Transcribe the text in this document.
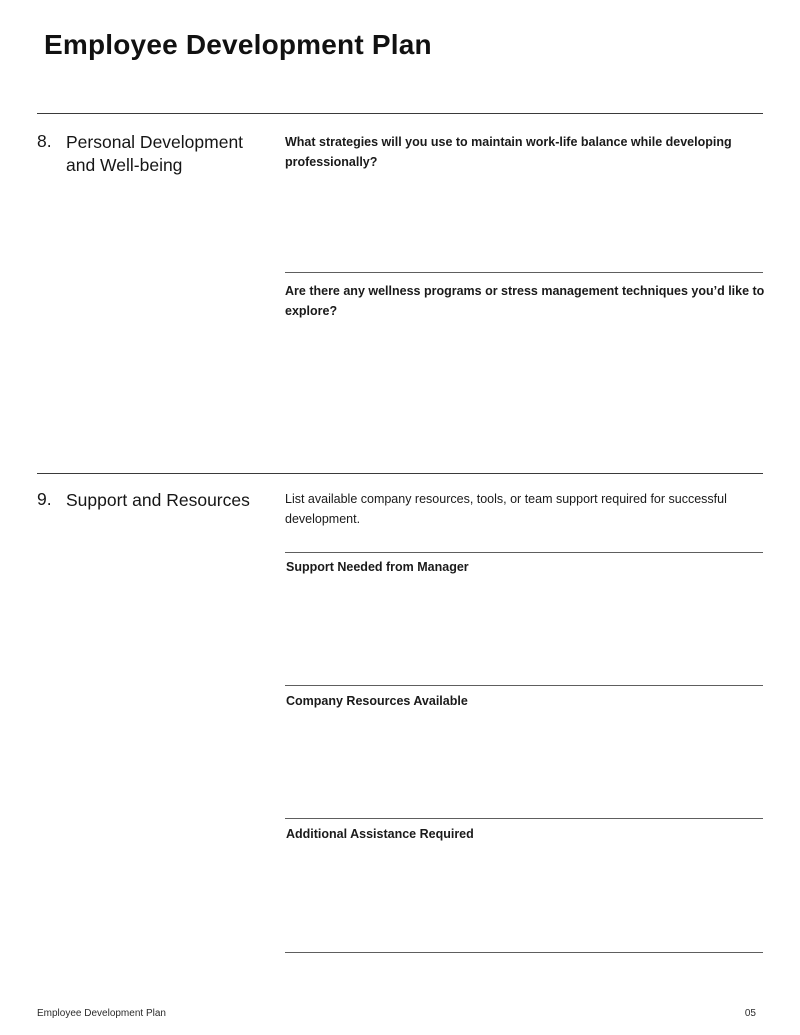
Employee Development Plan
8. Personal Development and Well-being
What strategies will you use to maintain work-life balance while developing professionally?
Are there any wellness programs or stress management techniques you’d like to explore?
9. Support and Resources	List available company resources, tools, or team support required for successful development.
Support Needed from Manager
Company Resources Available
Additional Assistance Required
Employee Development Plan	05
